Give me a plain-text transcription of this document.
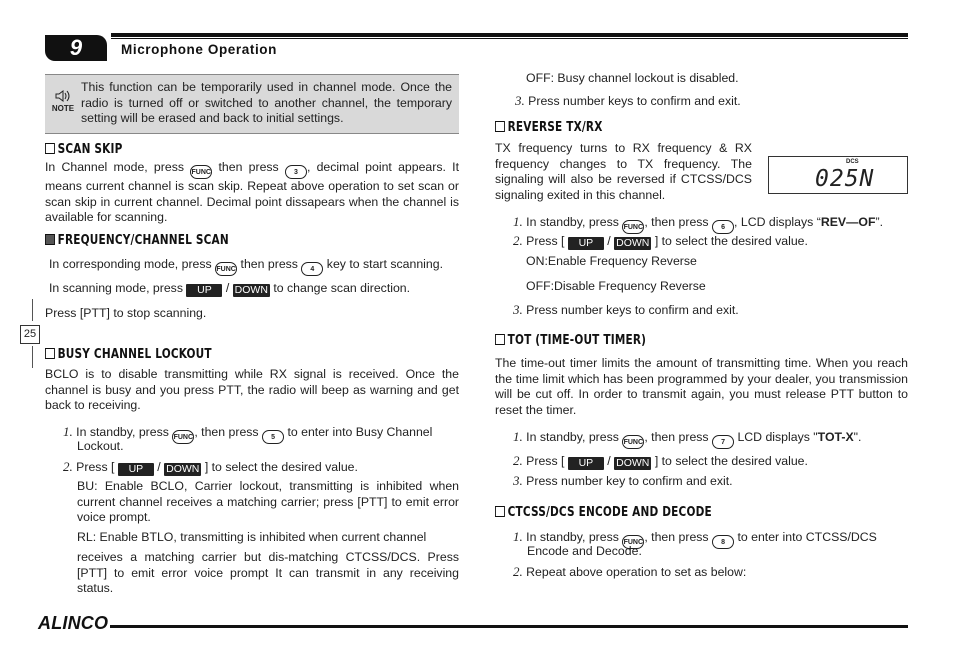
9	Microphone Operation
NOTE
This function can be temporarily used in channel mode. Once the radio is turned off or switched to another channel, the temporary setting will be erased and back to initial settings.
SCAN SKIP

In Channel mode, press FUNC then press 3 , decimal point appears. It means current channel is scan skip. Repeat above operation to set scan or scan skip in current channel. Decimal point dissapears when the channel is available for scanning.

FREQUENCY/CHANNEL SCAN
In corresponding mode, press FUNC then press 4 key to start scanning.
In scanning mode, press UP / DOWN to change scan direction.
Press [PTT] to stop scanning.
25
BUSY CHANNEL LOCKOUT

BCLO is to disable transmitting while RX signal is received. Once the channel is busy and you press PTT, the radio will beep as warning and get back to receiving.

1. In standby, press FUNC, then press 5 to enter into Busy Channel
Lockout.
2. Press [ UP / DOWN ] to select the desired value.

BU: Enable BCLO, Carrier lockout, transmitting is inhibited when current channel receives a matching carrier; press [PTT] to emit error voice prompt.

RL: Enable BTLO, transmitting is inhibited when current channel

receives a matching carrier but dis-matching CTCSS/DCS. Press [PTT] to emit error voice prompt It can transmit in any receiving status.

OFF: Busy channel lockout is disabled.
3. Press number keys to confirm and exit.
REVERSE TX/RX

TX frequency turns to RX frequency & RX frequency changes to TX frequency. The signaling will also be reversed if CTCSS/DCS signaling exited in this channel.

DCS
025N
1. In standby, press FUNC, then press 6 , LCD displays “REV—OF”.
2. Press [ UP / DOWN ] to select the desired value.
ON:Enable Frequency Reverse
OFF:Disable Frequency Reverse
3. Press number keys to confirm and exit.
TOT (TIME-OUT TIMER)

The time-out timer limits the amount of transmitting time. When you reach the time limit which has been programmed by your dealer, you transmission will be cut off. In order to transmit again, you must release PTT button to reset the timer.

1. In standby, press FUNC, then press 7 LCD displays "TOT-X".
2. Press [ UP / DOWN ] to select the desired value.
3. Press number key to confirm and exit.
CTCSS/DCS ENCODE AND DECODE
1. In standby, press FUNC, then press 8 to enter into CTCSS/DCS
Encode and Decode.
2. Repeat above operation to set as below:
ALINCO
